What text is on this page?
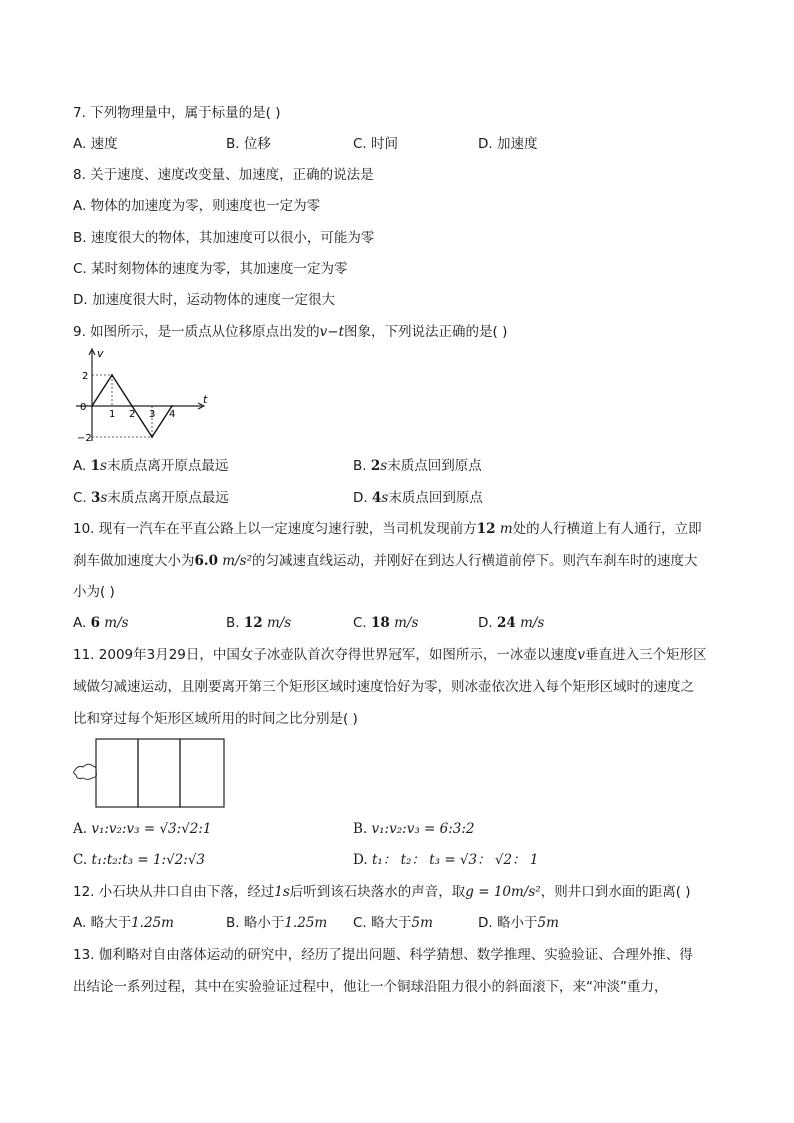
7. 下列物理量中，属于标量的是( )
A. 速度	B. 位移	C. 时间	D. 加速度
8. 关于速度、速度改变量、加速度，正确的说法是
A. 物体的加速度为零，则速度也一定为零
B. 速度很大的物体，其加速度可以很小，可能为零
C. 某时刻物体的速度为零，其加速度一定为零
D. 加速度很大时，运动物体的速度一定很大
9. 如图所示，是一质点从位移原点出发的v−t图象，下列说法正确的是( )
v
t
0
2
−2
1 2 3 4
A. 1s末质点离开原点最远	B. 2s末质点回到原点
C. 3s末质点离开原点最远	D. 4s末质点回到原点
10. 现有一汽车在平直公路上以一定速度匀速行驶，当司机发现前方12 m处的人行横道上有人通行，立即
刹车做加速度大小为6.0 m/s²的匀减速直线运动，并刚好在到达人行横道前停下。则汽车刹车时的速度大
小为( )
A. 6 m/s	B. 12 m/s	C. 18 m/s	D. 24 m/s
11. 2009年3月29日，中国女子冰壶队首次夺得世界冠军，如图所示，一冰壶以速度v垂直进入三个矩形区
域做匀减速运动，且刚要离开第三个矩形区域时速度恰好为零，则冰壶依次进入每个矩形区域时的速度之
比和穿过每个矩形区域所用的时间之比分别是( )
A. v₁:v₂:v₃ = √3:√2:1	B. v₁:v₂:v₃ = 6:3:2
C. t₁:t₂:t₃ = 1:√2:√3	D. t₁： t₂： t₃ = √3： √2： 1
12. 小石块从井口自由下落，经过1s后听到该石块落水的声音，取g = 10m/s²，则井口到水面的距离( )
A. 略大于1.25m	B. 略小于1.25m C. 略大于5m	D. 略小于5m
13. 伽利略对自由落体运动的研究中，经历了提出问题、科学猜想、数学推理、实验验证、合理外推、得
出结论一系列过程，其中在实验验证过程中，他让一个铜球沿阻力很小的斜面滚下，来“冲淡”重力，
